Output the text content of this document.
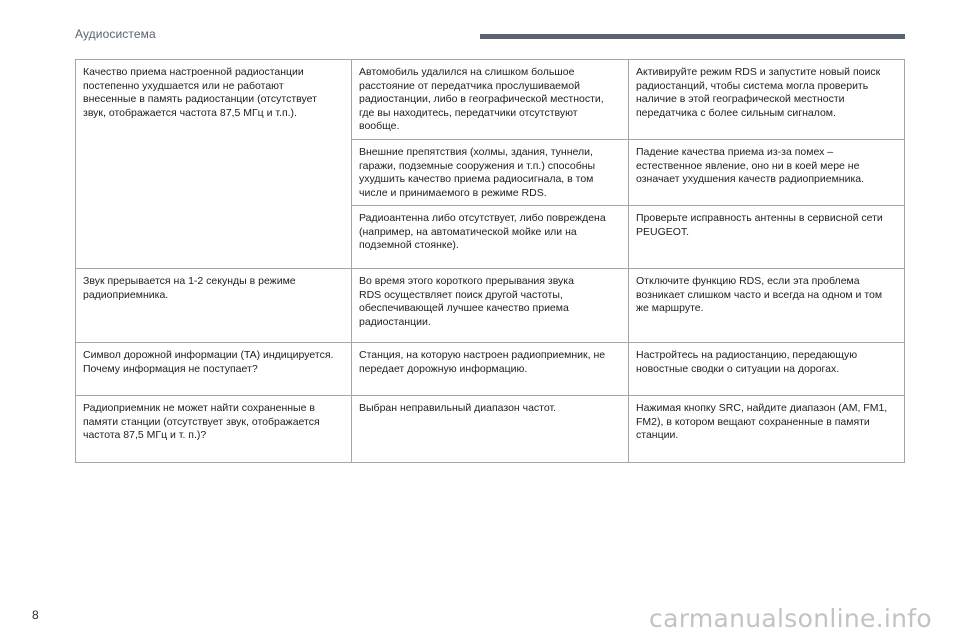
Аудиосистема
Качество приема настроенной радиостанции
постепенно ухудшается или не работают
внесенные в память радиостанции (отсутствует
звук, отображается частота 87,5 МГц и т.п.).	Автомобиль удалился на слишком большое
расстояние от передатчика прослушиваемой
радиостанции, либо в географической местности,
где вы находитесь, передатчики отсутствуют
вообще.	Активируйте режим RDS и запустите новый поиск
радиостанций, чтобы система могла проверить
наличие в этой географической местности
передатчика с более сильным сигналом.

	Внешние препятствия (холмы, здания, туннели,
гаражи, подземные сооружения и т.п.) способны
ухудшить качество приема радиосигнала, в том
числе и принимаемого в режиме RDS.	Падение качества приема из-за помех –
естественное явление, оно ни в коей мере не
означает ухудшения качеств радиоприемника.

	Радиоантенна либо отсутствует, либо повреждена
(например, на автоматической мойке или на
подземной стоянке).	Проверьте исправность антенны в сервисной сети
PEUGEOT.

Звук прерывается на 1-2 секунды в режиме
радиоприемника.	Во время этого короткого прерывания звука
RDS осуществляет поиск другой частоты,
обеспечивающей лучшее качество приема
радиостанции.	Отключите функцию RDS, если эта проблема
возникает слишком часто и всегда на одном и том
же маршруте.

Символ дорожной информации (TA) индицируется.
Почему информация не поступает?	Станция, на которую настроен радиоприемник, не
передает дорожную информацию.	Настройтесь на радиостанцию, передающую
новостные сводки о ситуации на дорогах.

Радиоприемник не может найти сохраненные в
памяти станции (отсутствует звук, отображается
частота 87,5 МГц и т. п.)?	Выбран неправильный диапазон частот.	Нажимая кнопку SRC, найдите диапазон (AM, FM1,
FM2), в котором вещают сохраненные в памяти
станции.
8	carmanualsonline.info
